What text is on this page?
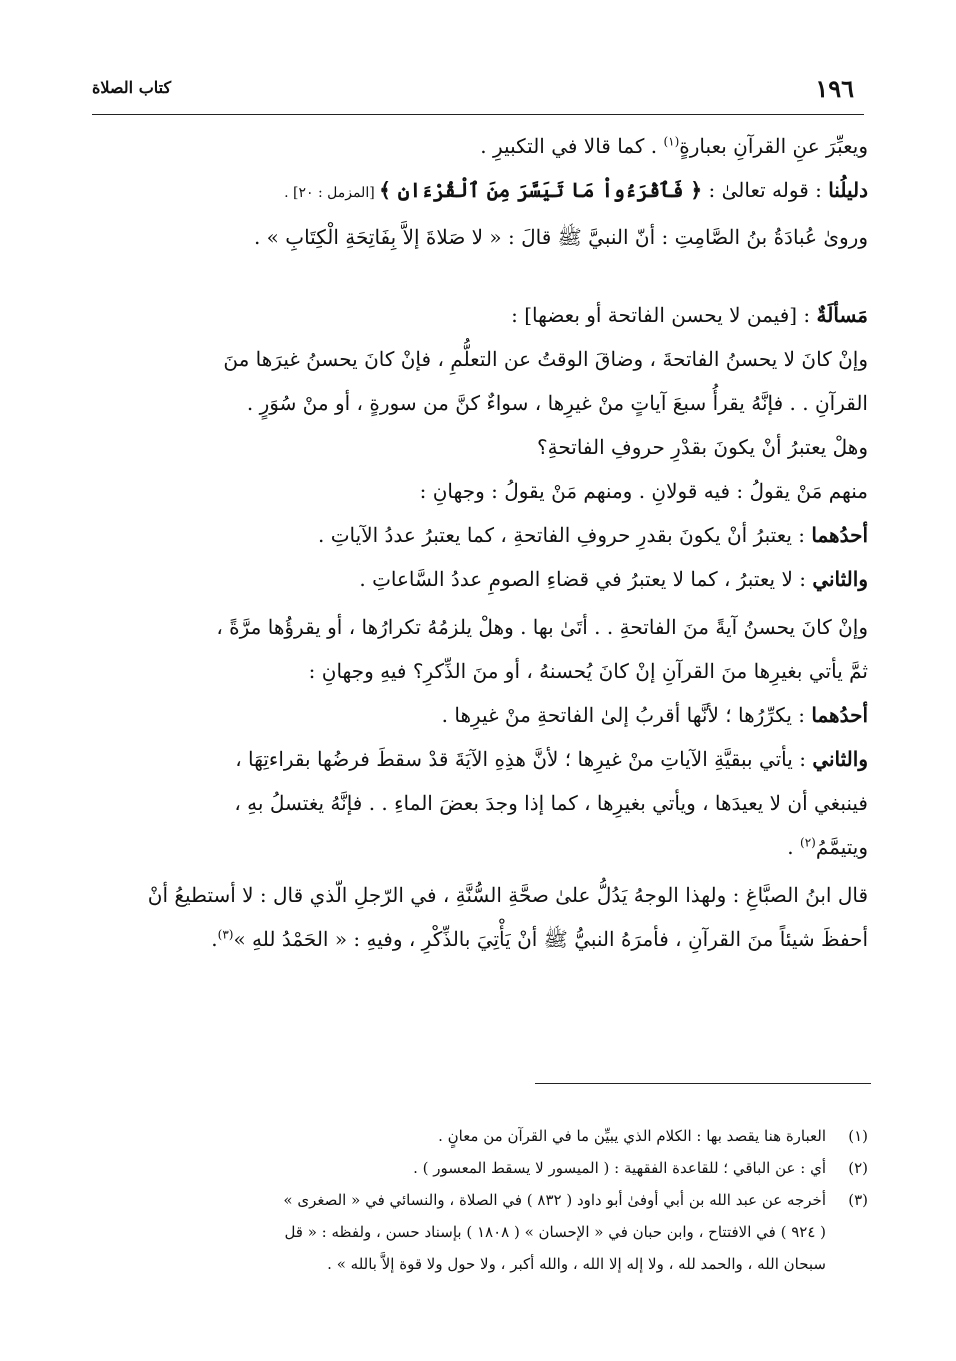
١٩٦
كتاب الصلاة
ويعبِّرَ عنِ القرآنِ بعبارةٍ$^{(١)}$ . كما قالا في التكبيرِ .
دليلُنا : قوله تعالىٰ : ﴿ فَٱقْرَءُواْ مَا تَيَسَّرَ مِنَ ٱلْقُرْءَانِ ﴾ [المزمل : ٢٠] .
وروىٰ عُبادَةُ بنُ الصَّامِتِ : أنّ النبيَّ ﷺ قالَ : « لا صَلاةَ إلاَّ بِفَاتِحَةِ الْكِتَابِ » .
مَسألَةٌ : [فيمن لا يحسن الفاتحة أو بعضها] :
وإنْ كانَ لا يحسنُ الفاتحةَ ، وضاقَ الوقتُ عن التعلُّمِ ، فإنْ كانَ يحسنُ غيرَها منَ
القرآنِ . . فإنَّهُ يقرأُ سبعَ آياتٍ منْ غيرِها ، سواءٌ كنَّ من سورةٍ ، أو منْ سُوَرٍ .
وهلْ يعتبرُ أنْ يكونَ بقدْرِ حروفِ الفاتحةِ؟
منهم مَنْ يقولُ : فيه قولانِ . ومنهم مَنْ يقولُ : وجهانِ :
أحدُهما : يعتبرُ أنْ يكونَ بقدرِ حروفِ الفاتحةِ ، كما يعتبرُ عددُ الآياتِ .
والثاني : لا يعتبرُ ، كما لا يعتبرُ في قضاءِ الصومِ عددُ السَّاعاتِ .
وإنْ كانَ يحسنُ آيةً منَ الفاتحةِ . . أتَىٰ بها . وهلْ يلزمُهُ تكرارُها ، أو يقرؤُها مرَّةً ،
ثمَّ يأتي بغيرِها منَ القرآنِ إنْ كانَ يُحسنهُ ، أو منَ الذِّكرِ؟ فيهِ وجهانِ :
أحدُهما : يكرِّرُها ؛ لأنَّها أقربُ إلىٰ الفاتحةِ منْ غيرِها .
والثاني : يأتي ببقيَّةِ الآياتِ منْ غيرِها ؛ لأنَّ هذِهِ الآيَةَ قدْ سقطَ فرضُها بقراءتِهَا ،
فينبغي أن لا يعيدَها ، ويأتي بغيرِها ، كما إذا وجدَ بعضَ الماءِ . . فإنَّهُ يغتسلُ بهِ ،
ويتيمَّمُ$^{(٢)}$ .
قال ابنُ الصبَّاغِ : ولهذا الوجهُ يَدُلُّ علىٰ صحَّةِ السُّنَّةِ ، في الرّجلِ الّذي قال : لا أستطيعُ أنْ
أحفظَ شيئاً منَ القرآنِ ، فأمرَهُ النبيُّ ﷺ أنْ يَأْتِيَ بالذِّكْرِ ، وفيهِ : « الحَمْدُ للهِ »$^{(٣)}$.
(١)
العبارة هنا يقصد بها : الكلام الذي يبيِّن ما في القرآن من معانٍ .
(٢)
أي : عن الباقي ؛ للقاعدة الفقهية : ( الميسور لا يسقط المعسور ) .
(٣)
أخرجه عن عبد الله بن أبي أوفىٰ أبو داود ( ٨٣٢ ) في الصلاة ، والنسائي في « الصغرى »
( ٩٢٤ ) في الافتتاح ، وابن حبان في « الإحسان » ( ١٨٠٨ ) بإسناد حسن ، ولفظه : « قل
سبحان الله ، والحمد لله ، ولا إله إلا الله ، والله أكبر ، ولا حول ولا قوة إلاَّ بالله » .
